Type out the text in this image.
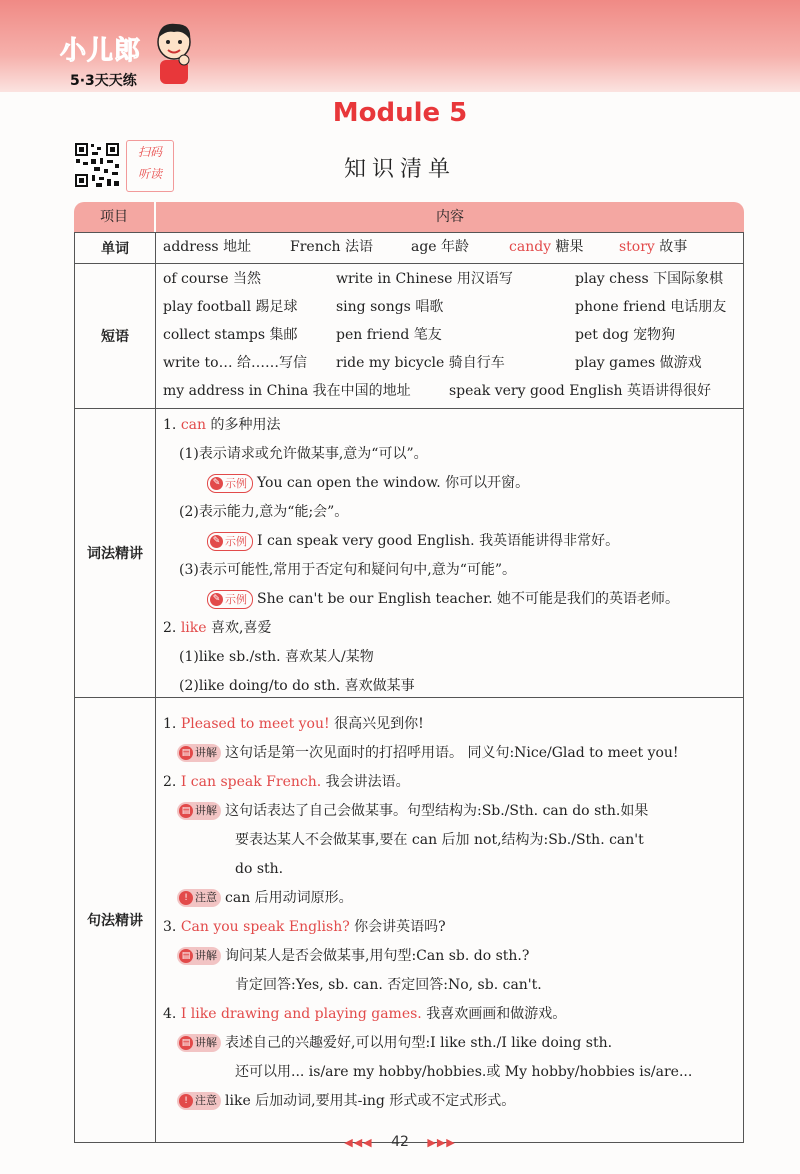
小儿郎
5·3天天练
Module 5
知识清单
扫码
听读
项目	内容
单词	address 地址	French 法语	age 年龄	candy 糖果	story 故事
短语
of course 当然	write in Chinese 用汉语写	play chess 下国际象棋
play football 踢足球	sing songs 唱歌	phone friend 电话朋友
collect stamps 集邮	pen friend 笔友	pet dog 宠物狗
write to… 给……写信 ride my bicycle 骑自行车	play games 做游戏
my address in China 我在中国的地址	speak very good English 英语讲得很好
词法精讲
1. can 的多种用法
(1)表示请求或允许做某事,意为“可以”。
✎ 示例 You can open the window. 你可以开窗。
(2)表示能力,意为“能;会”。
✎ 示例 I can speak very good English. 我英语能讲得非常好。
(3)表示可能性,常用于否定句和疑问句中,意为“可能”。
✎ 示例 She can't be our English teacher. 她不可能是我们的英语老师。
2. like 喜欢,喜爱
(1)like sb./sth. 喜欢某人/某物
(2)like doing/to do sth. 喜欢做某事
句法精讲
1. Pleased to meet you! 很高兴见到你!
▤ 讲解 这句话是第一次见面时的打招呼用语。 同义句:Nice/Glad to meet you!
2. I can speak French. 我会讲法语。
▤ 讲解 这句话表达了自己会做某事。句型结构为:Sb./Sth. can do sth.如果
要表达某人不会做某事,要在 can 后加 not,结构为:Sb./Sth. can't
do sth.
! 注意 can 后用动词原形。
3. Can you speak English? 你会讲英语吗?
▤ 讲解 询问某人是否会做某事,用句型:Can sb. do sth.?
肯定回答:Yes, sb. can. 否定回答:No, sb. can't.
4. I like drawing and playing games. 我喜欢画画和做游戏。
▤ 讲解 表述自己的兴趣爱好,可以用句型:I like sth./I like doing sth.
还可以用... is/are my hobby/hobbies.或 My hobby/hobbies is/are...
! 注意 like 后加动词,要用其-ing 形式或不定式形式。
◀◀◀ 42 ▶▶▶
